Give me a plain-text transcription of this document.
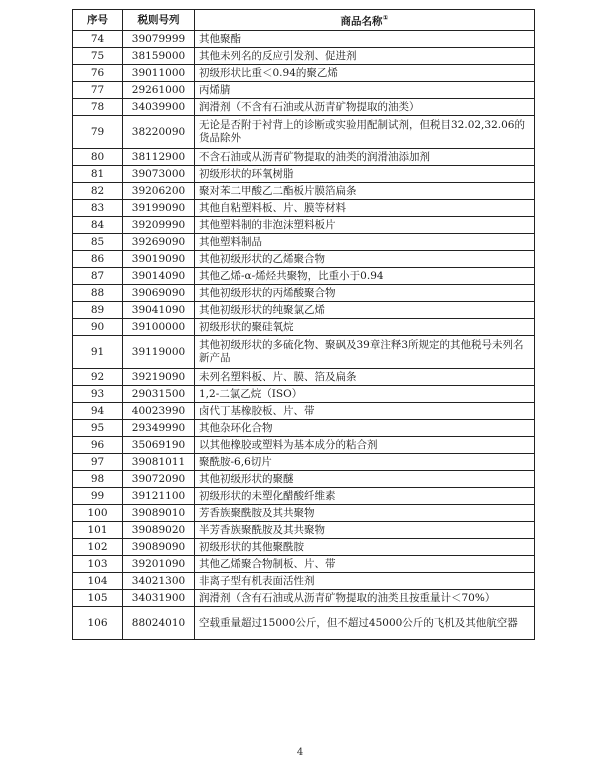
序号	税则号列	商品名称①
74	39079999	其他聚酯
75	38159000	其他未列名的反应引发剂、促进剂
76	39011000	初级形状比重＜0.94的聚乙烯
77	29261000	丙烯腈
78	34039900	润滑剂（不含有石油或从沥青矿物提取的油类）
79	38220090	无论是否附于衬背上的诊断或实验用配制试剂，但税目32.02,32.06的货品除外
80	38112900	不含石油或从沥青矿物提取的油类的润滑油添加剂
81	39073000	初级形状的环氧树脂
82	39206200	聚对苯二甲酸乙二酯板片膜箔扁条
83	39199090	其他自粘塑料板、片、膜等材料
84	39209990	其他塑料制的非泡沫塑料板片
85	39269090	其他塑料制品
86	39019090	其他初级形状的乙烯聚合物
87	39014090	其他乙烯-α-烯烃共聚物，比重小于0.94
88	39069090	其他初级形状的丙烯酸聚合物
89	39041090	其他初级形状的纯聚氯乙烯
90	39100000	初级形状的聚硅氧烷
91	39119000	其他初级形状的多硫化物、聚砜及39章注释3所规定的其他税号未列名新产品
92	39219090	未列名塑料板、片、膜、箔及扁条
93	29031500	1,2-二氯乙烷（ISO）
94	40023990	卤代丁基橡胶板、片、带
95	29349990	其他杂环化合物
96	35069190	以其他橡胶或塑料为基本成分的粘合剂
97	39081011	聚酰胺-6,6切片
98	39072090	其他初级形状的聚醚
99	39121100	初级形状的未塑化醋酸纤维素
100	39089010	芳香族聚酰胺及其共聚物
101	39089020	半芳香族聚酰胺及其共聚物
102	39089090	初级形状的其他聚酰胺
103	39201090	其他乙烯聚合物制板、片、带
104	34021300	非离子型有机表面活性剂
105	34031900	润滑剂（含有石油或从沥青矿物提取的油类且按重量计＜70%）
106	88024010	空载重量超过15000公斤，但不超过45000公斤的飞机及其他航空器
4
